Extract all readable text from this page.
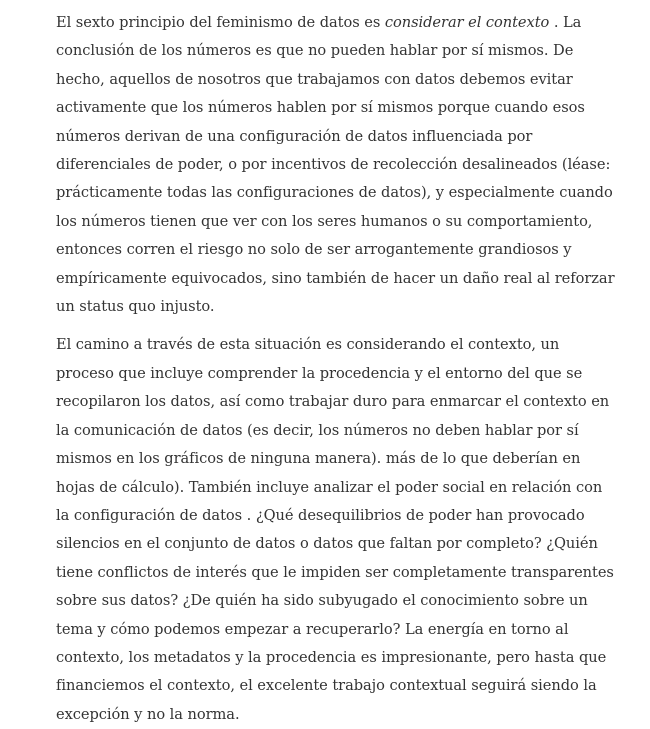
El sexto principio del feminismo de datos es considerar el contexto . La conclusión de los números es que no pueden hablar por sí mismos. De hecho, aquellos de nosotros que trabajamos con datos debemos evitar activamente que los números hablen por sí mismos porque cuando esos números derivan de una configuración de datos influenciada por diferenciales de poder, o por incentivos de recolección desalineados (léase: prácticamente todas las configuraciones de datos), y especialmente cuando los números tienen que ver con los seres humanos o su comportamiento, entonces corren el riesgo no solo de ser arrogantemente grandiosos y empíricamente equivocados, sino también de hacer un daño real al reforzar un status quo injusto.

El camino a través de esta situación es considerando el contexto, un proceso que incluye comprender la procedencia y el entorno del que se recopilaron los datos, así como trabajar duro para enmarcar el contexto en la comunicación de datos (es decir, los números no deben hablar por sí mismos en los gráficos de ninguna manera). más de lo que deberían en hojas de cálculo). También incluye analizar el poder social en relación con la configuración de datos . ¿Qué desequilibrios de poder han provocado silencios en el conjunto de datos o datos que faltan por completo? ¿Quién tiene conflictos de interés que le impiden ser completamente transparentes sobre sus datos? ¿De quién ha sido subyugado el conocimiento sobre un tema y cómo podemos empezar a recuperarlo? La energía en torno al contexto, los metadatos y la procedencia es impresionante, pero hasta que financiemos el contexto, el excelente trabajo contextual seguirá siendo la excepción y no la norma.
